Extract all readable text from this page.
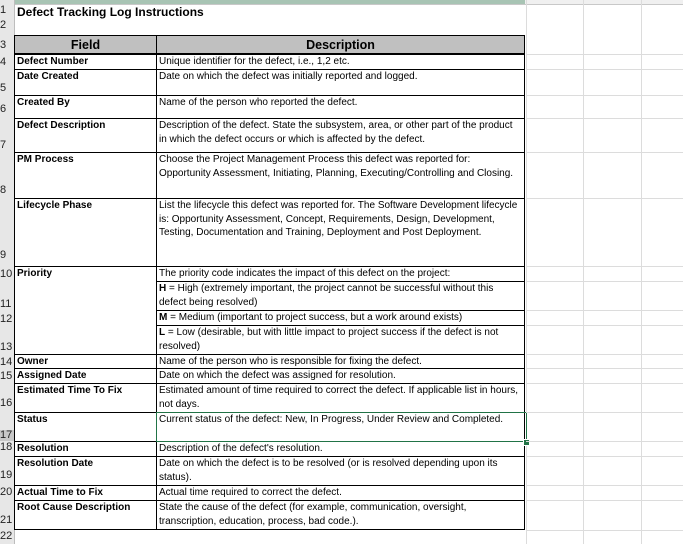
1
2
3
4
5
6
7
8
9
10
11
12
13
14
15
16
17
18
19
20
21
22
Defect Tracking Log Instructions
Field	Description
Defect Number	Unique identifier for the defect, i.e., 1,2 etc.
Date Created	Date on which the defect was initially reported and logged.
Created By	Name of the person who reported the defect.
Defect Description	Description of the defect. State the subsystem, area, or other part of the product in which the defect occurs or which is affected by the defect.
PM Process	Choose the Project Management Process this defect was reported for: Opportunity Assessment, Initiating, Planning, Executing/Controlling and Closing.
Lifecycle Phase	List the lifecycle this defect was reported for. The Software Development lifecycle is: Opportunity Assessment, Concept, Requirements, Design, Development, Testing, Documentation and Training, Deployment and Post Deployment.
Priority	The priority code indicates the impact of this defect on the project:
H = High (extremely important, the project cannot be successful without this defect being resolved)
M = Medium (important to project success, but a work around exists)
L = Low (desirable, but with little impact to project success if the defect is not resolved)
Owner	Name of the person who is responsible for fixing the defect.
Assigned Date	Date on which the defect was assigned for resolution.
Estimated Time To Fix	Estimated amount of time required to correct the defect. If applicable list in hours, not days.
Status	Current status of the defect: New, In Progress, Under Review and Completed.
Resolution	Description of the defect's resolution.
Resolution Date	Date on which the defect is to be resolved (or is resolved depending upon its status).
Actual Time to Fix	Actual time required to correct the defect.
Root Cause Description	State the cause of the defect (for example, communication, oversight, transcription, education, process, bad code.).
